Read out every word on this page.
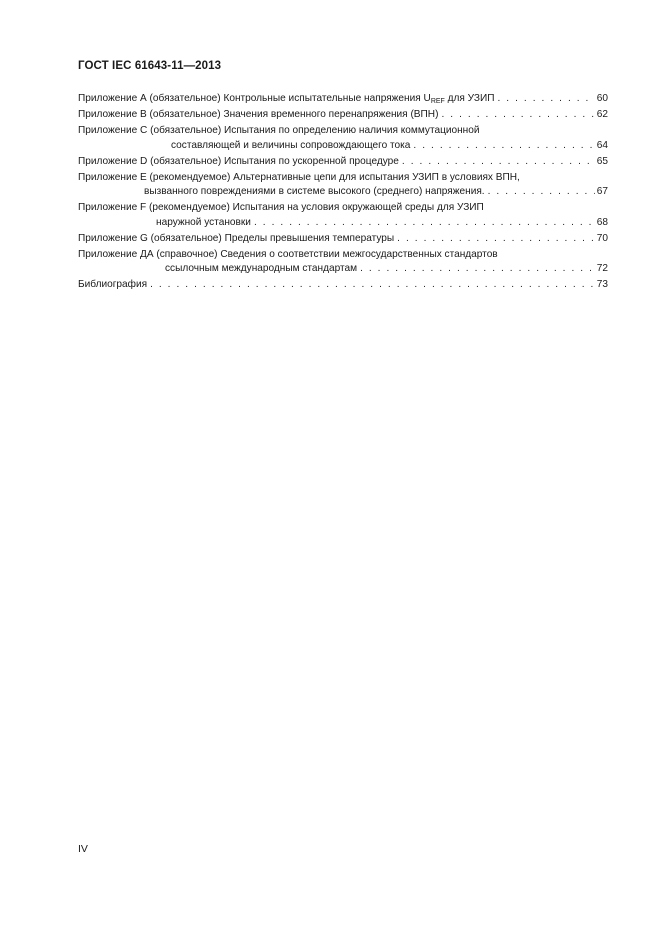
ГОСТ IEC 61643-11—2013
Приложение А (обязательное) Контрольные испытательные напряжения $U_{REF}$ для УЗИП . . .	60
Приложение В (обязательное) Значения временного перенапряжения (ВПН) . . .	62
Приложение С (обязательное) Испытания по определению наличия коммутационной
составляющей и величины сопровождающего тока . . .	64
Приложение D (обязательное) Испытания по ускоренной процедуре . . .	65
Приложение Е (рекомендуемое) Альтернативные цепи для испытания УЗИП в условиях ВПН,
вызванного повреждениями в системе высокого (среднего) напряжения. . . .	67
Приложение F (рекомендуемое) Испытания на условия окружающей среды для УЗИП
наружной установки . . .	68
Приложение G (обязательное) Пределы превышения температуры . . .	70
Приложение ДА (справочное) Сведения о соответствии межгосударственных стандартов
ссылочным международным стандартам . . .	72
Библиография . . .	73
IV
